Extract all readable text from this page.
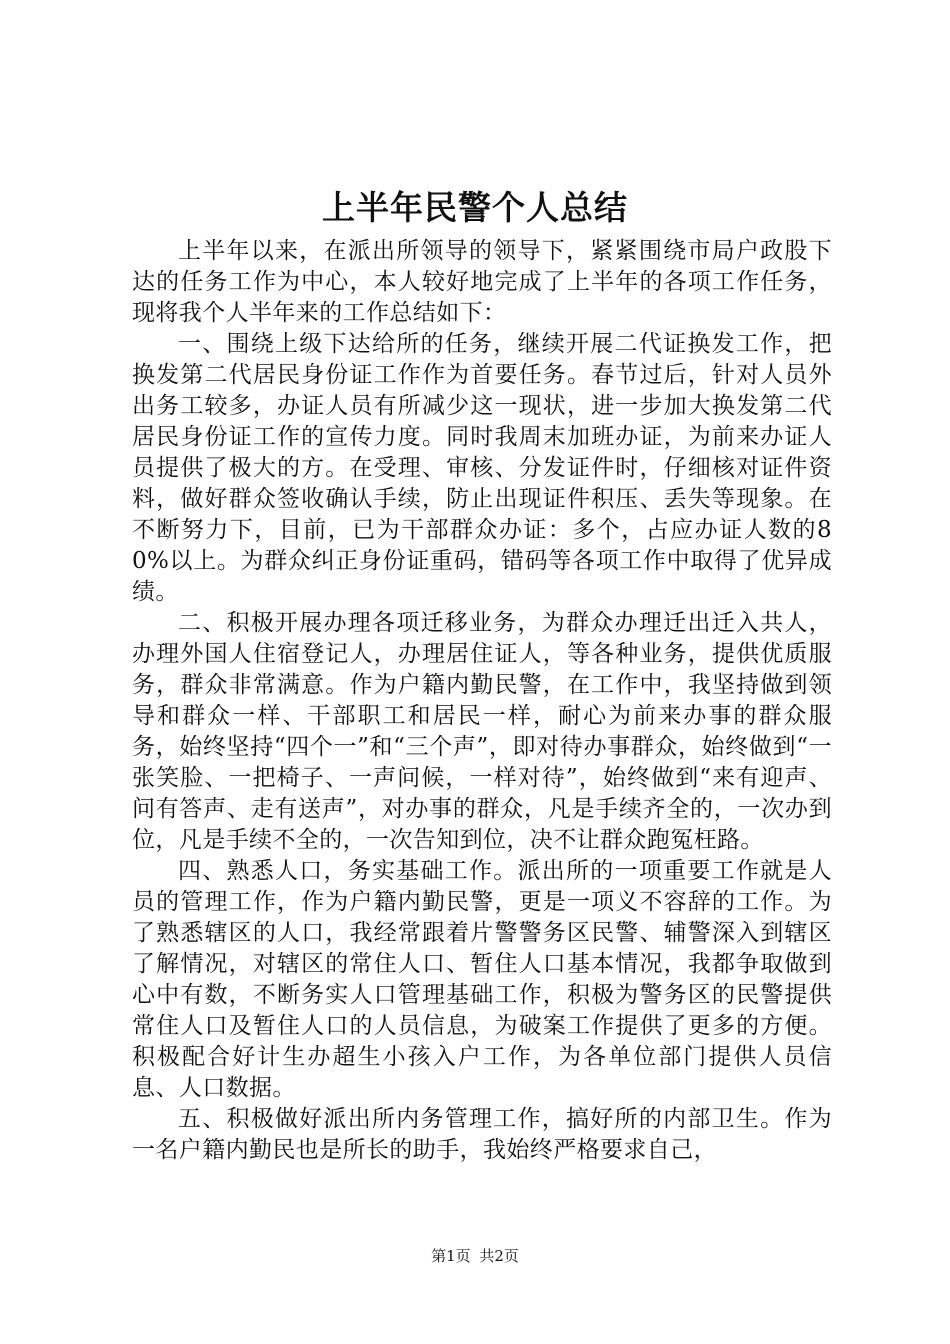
上半年民警个人总结

上半年以来，在派出所领导的领导下，紧紧围绕市局户政股下达的任务工作为中心，本人较好地完成了上半年的各项工作任务，现将我个人半年来的工作总结如下：

一、围绕上级下达给所的任务，继续开展二代证换发工作，把换发第二代居民身份证工作作为首要任务。春节过后，针对人员外出务工较多，办证人员有所减少这一现状，进一步加大换发第二代居民身份证工作的宣传力度。同时我周末加班办证，为前来办证人员提供了极大的方。在受理、审核、分发证件时，仔细核对证件资料，做好群众签收确认手续，防止出现证件积压、丢失等现象。在不断努力下，目前，已为干部群众办证：多个，占应办证人数的80%以上。为群众纠正身份证重码，错码等各项工作中取得了优异成绩。

二、积极开展办理各项迁移业务，为群众办理迁出迁入共人，办理外国人住宿登记人，办理居住证人，等各种业务，提供优质服务，群众非常满意。作为户籍内勤民警，在工作中，我坚持做到领导和群众一样、干部职工和居民一样，耐心为前来办事的群众服务，始终坚持“四个一”和“三个声”，即对待办事群众，始终做到“一张笑脸、一把椅子、一声问候，一样对待”，始终做到“来有迎声、问有答声、走有送声”，对办事的群众，凡是手续齐全的，一次办到位，凡是手续不全的，一次告知到位，决不让群众跑冤枉路。

四、熟悉人口，务实基础工作。派出所的一项重要工作就是人员的管理工作，作为户籍内勤民警，更是一项义不容辞的工作。为了熟悉辖区的人口，我经常跟着片警警务区民警、辅警深入到辖区了解情况，对辖区的常住人口、暂住人口基本情况，我都争取做到心中有数，不断务实人口管理基础工作，积极为警务区的民警提供常住人口及暂住人口的人员信息，为破案工作提供了更多的方便。积极配合好计生办超生小孩入户工作，为各单位部门提供人员信息、人口数据。

五、积极做好派出所内务管理工作，搞好所的内部卫生。作为一名户籍内勤民也是所长的助手，我始终严格要求自己，

第1页 共2页
